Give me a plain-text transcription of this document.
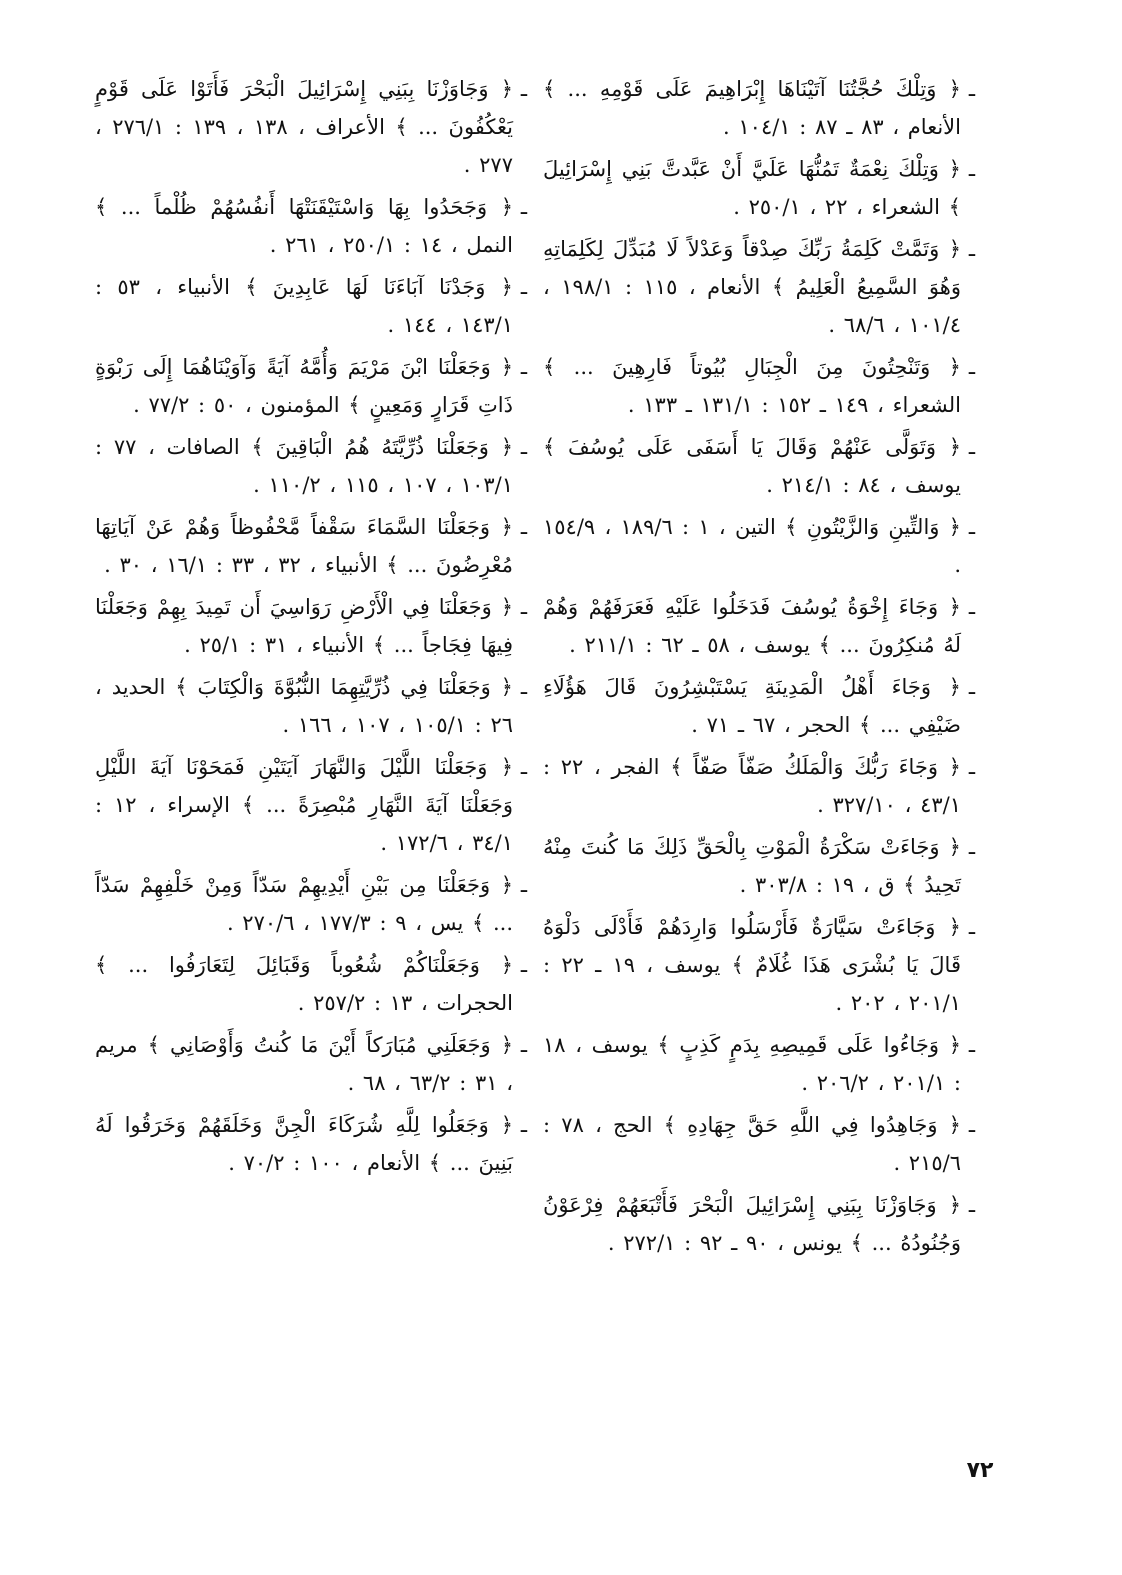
ـ
﴿ وَتِلْكَ حُجَّتُنَا آتَيْنَاهَا إِبْرَاهِيمَ عَلَى قَوْمِهِ ... ﴾ الأنعام ، ٨٣ ـ ٨٧ : ١٠٤/١ .
ـ
﴿ وَتِلْكَ نِعْمَةٌ تَمُنُّهَا عَلَيَّ أَنْ عَبَّدتَّ بَنِي إِسْرَائِيلَ ﴾ الشعراء ، ٢٢ ، ٢٥٠/١ .
ـ
﴿ وَتَمَّتْ كَلِمَةُ رَبِّكَ صِدْقاً وَعَدْلاً لَا مُبَدِّلَ لِكَلِمَاتِهِ وَهُوَ السَّمِيعُ الْعَلِيمُ ﴾ الأنعام ، ١١٥ : ١٩٨/١ ، ١٠١/٤ ، ٦٨/٦ .
ـ
﴿ وَتَنْحِتُونَ مِنَ الْجِبَالِ بُيُوتاً فَارِهِينَ ... ﴾ الشعراء ، ١٤٩ ـ ١٥٢ : ١٣١/١ ـ ١٣٣ .
ـ
﴿ وَتَوَلَّى عَنْهُمْ وَقَالَ يَا أَسَفَى عَلَى يُوسُفَ ﴾ يوسف ، ٨٤ : ٢١٤/١ .
ـ
﴿ وَالتِّينِ وَالزَّيْتُونِ ﴾ التين ، ١ : ١٨٩/٦ ، ١٥٤/٩ .
ـ
﴿ وَجَاءَ إِخْوَةُ يُوسُفَ فَدَخَلُوا عَلَيْهِ فَعَرَفَهُمْ وَهُمْ لَهُ مُنكِرُونَ ... ﴾ يوسف ، ٥٨ ـ ٦٢ : ٢١١/١ .
ـ
﴿ وَجَاءَ أَهْلُ الْمَدِينَةِ يَسْتَبْشِرُونَ قَالَ هَؤُلَاءِ ضَيْفِي ... ﴾ الحجر ، ٦٧ ـ ٧١ .
ـ
﴿ وَجَاءَ رَبُّكَ وَالْمَلَكُ صَفّاً صَفّاً ﴾ الفجر ، ٢٢ : ٤٣/١ ، ٣٢٧/١٠ .
ـ
﴿ وَجَاءَتْ سَكْرَةُ الْمَوْتِ بِالْحَقِّ ذَلِكَ مَا كُنتَ مِنْهُ تَحِيدُ ﴾ ق ، ١٩ : ٣٠٣/٨ .
ـ
﴿ وَجَاءَتْ سَيَّارَةٌ فَأَرْسَلُوا وَارِدَهُمْ فَأَدْلَى دَلْوَهُ قَالَ يَا بُشْرَى هَذَا غُلَامٌ ﴾ يوسف ، ١٩ ـ ٢٢ : ٢٠١/١ ، ٢٠٢ .
ـ
﴿ وَجَاءُوا عَلَى قَمِيصِهِ بِدَمٍ كَذِبٍ ﴾ يوسف ، ١٨ : ٢٠١/١ ، ٢٠٦/٢ .
ـ
﴿ وَجَاهِدُوا فِي اللَّهِ حَقَّ جِهَادِهِ ﴾ الحج ، ٧٨ : ٢١٥/٦ .
ـ
﴿ وَجَاوَزْنَا بِبَنِي إِسْرَائِيلَ الْبَحْرَ فَأَتْبَعَهُمْ فِرْعَوْنُ وَجُنُودُهُ ... ﴾ يونس ، ٩٠ ـ ٩٢ : ٢٧٢/١ .
ـ
﴿ وَجَاوَزْنَا بِبَنِي إِسْرَائِيلَ الْبَحْرَ فَأَتَوْا عَلَى قَوْمٍ يَعْكُفُونَ ... ﴾ الأعراف ، ١٣٨ ، ١٣٩ : ٢٧٦/١ ، ٢٧٧ .
ـ
﴿ وَجَحَدُوا بِهَا وَاسْتَيْقَنَتْهَا أَنفُسُهُمْ ظُلْماً ... ﴾ النمل ، ١٤ : ٢٥٠/١ ، ٢٦١ .
ـ
﴿ وَجَدْنَا آبَاءَنَا لَهَا عَابِدِينَ ﴾ الأنبياء ، ٥٣ : ١٤٣/١ ، ١٤٤ .
ـ
﴿ وَجَعَلْنَا ابْنَ مَرْيَمَ وَأُمَّهُ آيَةً وَآوَيْنَاهُمَا إِلَى رَبْوَةٍ ذَاتِ قَرَارٍ وَمَعِينٍ ﴾ المؤمنون ، ٥٠ : ٧٧/٢ .
ـ
﴿ وَجَعَلْنَا ذُرِّيَّتَهُ هُمُ الْبَاقِينَ ﴾ الصافات ، ٧٧ : ١٠٣/١ ، ١٠٧ ، ١١٥ ، ١١٠/٢ .
ـ
﴿ وَجَعَلْنَا السَّمَاءَ سَقْفاً مَّحْفُوظاً وَهُمْ عَنْ آيَاتِهَا مُعْرِضُونَ ... ﴾ الأنبياء ، ٣٢ ، ٣٣ : ١٦/١ ، ٣٠ .
ـ
﴿ وَجَعَلْنَا فِي الْأَرْضِ رَوَاسِيَ أَن تَمِيدَ بِهِمْ وَجَعَلْنَا فِيهَا فِجَاجاً ... ﴾ الأنبياء ، ٣١ : ٢٥/١ .
ـ
﴿ وَجَعَلْنَا فِي ذُرِّيَّتِهِمَا النُّبُوَّةَ وَالْكِتَابَ ﴾ الحديد ، ٢٦ : ١٠٥/١ ، ١٠٧ ، ١٦٦ .
ـ
﴿ وَجَعَلْنَا اللَّيْلَ وَالنَّهَارَ آيَتَيْنِ فَمَحَوْنَا آيَةَ اللَّيْلِ وَجَعَلْنَا آيَةَ النَّهَارِ مُبْصِرَةً ... ﴾ الإسراء ، ١٢ : ٣٤/١ ، ١٧٢/٦ .
ـ
﴿ وَجَعَلْنَا مِن بَيْنِ أَيْدِيهِمْ سَدّاً وَمِنْ خَلْفِهِمْ سَدّاً ... ﴾ يس ، ٩ : ١٧٧/٣ ، ٢٧٠/٦ .
ـ
﴿ وَجَعَلْنَاكُمْ شُعُوباً وَقَبَائِلَ لِتَعَارَفُوا ... ﴾ الحجرات ، ١٣ : ٢٥٧/٢ .
ـ
﴿ وَجَعَلَنِي مُبَارَكاً أَيْنَ مَا كُنتُ وَأَوْصَانِي ﴾ مريم ، ٣١ : ٦٣/٢ ، ٦٨ .
ـ
﴿ وَجَعَلُوا لِلَّهِ شُرَكَاءَ الْجِنَّ وَخَلَقَهُمْ وَخَرَقُوا لَهُ بَنِينَ ... ﴾ الأنعام ، ١٠٠ : ٧٠/٢ .
٧٢
